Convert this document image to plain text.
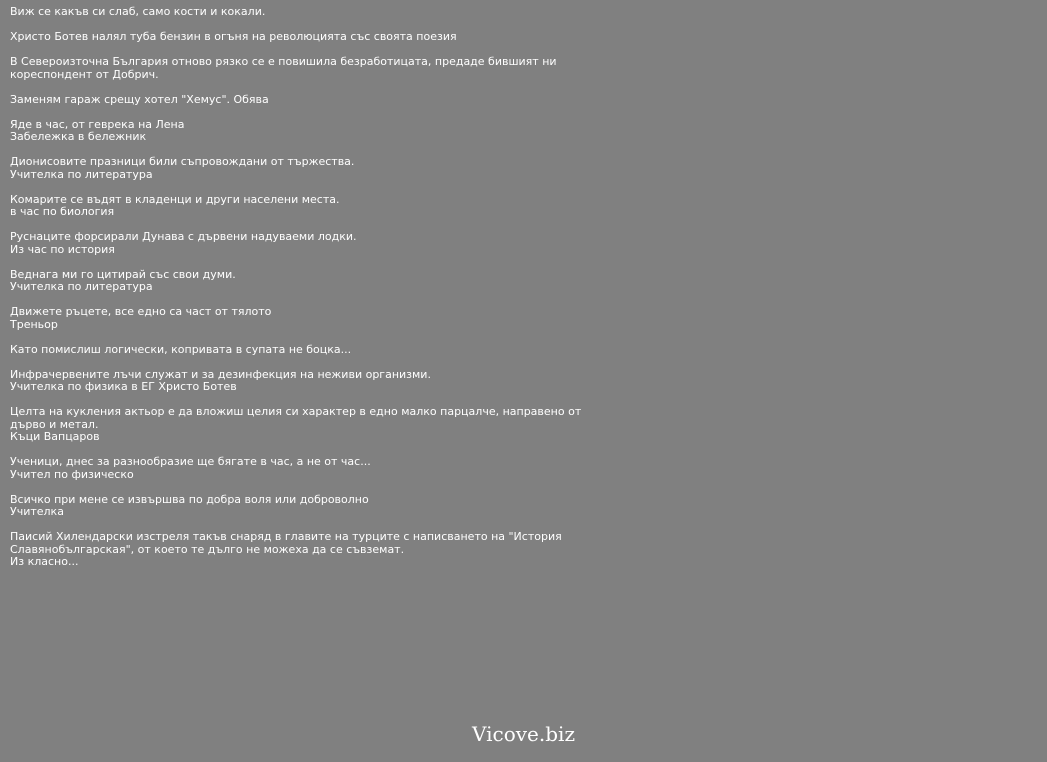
Виж се какъв си слаб, само кости и кокали.
Христо Ботев налял туба бензин в огъня на революцията със своята поезия
В Североизточна България отново рязко се е повишила безработицата, предаде бившият ни
кореспондент от Добрич.
Заменям гараж срещу хотел "Хемус". Обява
Яде в час, от геврека на Лена
Забележка в бележник
Дионисовите празници били съпровождани от тържества.
Учителка по литература
Комарите се въдят в кладенци и други населени места.
в час по биология
Руснаците форсирали Дунава с дървени надуваеми лодки.
Из час по история
Веднага ми го цитирай със свои думи.
Учителка по литература
Движете ръцете, все едно са част от тялото
Треньор
Като помислиш логически, копривата в супата не боцка...
Инфрачервените лъчи служат и за дезинфекция на неживи организми.
Учителка по физика в ЕГ Христо Ботев
Целта на кукления актьор е да вложиш целия си характер в едно малко парцалче, направено от
дърво и метал.
Къци Вапцаров
Ученици, днес за разнообразие ще бягате в час, а не от час...
Учител по физическо
Всичко при мене се извършва по добра воля или доброволно
Учителка
Паисий Хилендарски изстреля такъв снаряд в главите на турците с написването на "История
Славянобългарская", от което те дълго не можеха да се съвземат.
Из класно...
Vicove.biz
